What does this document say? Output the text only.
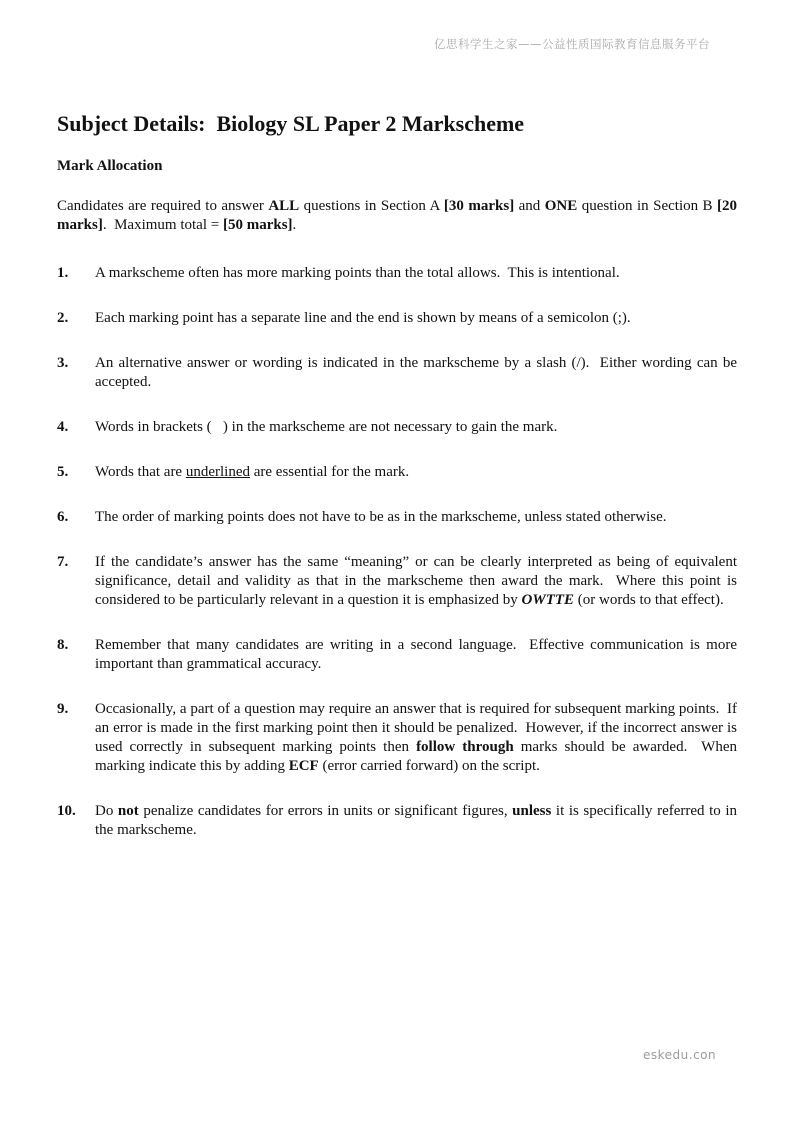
亿思科学生之家——公益性质国际教育信息服务平台
Subject Details:  Biology SL Paper 2 Markscheme
Mark Allocation

Candidates are required to answer ALL questions in Section A [30 marks] and ONE question in Section B [20 marks].  Maximum total = [50 marks].

1.	A markscheme often has more marking points than the total allows.  This is intentional.
2.	Each marking point has a separate line and the end is shown by means of a semicolon (;).
3.	An alternative answer or wording is indicated in the markscheme by a slash (/).  Either wording can be accepted.
4.	Words in brackets (   ) in the markscheme are not necessary to gain the mark.
5.	Words that are underlined are essential for the mark.
6.	The order of marking points does not have to be as in the markscheme, unless stated otherwise.
7.	If the candidate’s answer has the same “meaning” or can be clearly interpreted as being of equivalent significance, detail and validity as that in the markscheme then award the mark.  Where this point is considered to be particularly relevant in a question it is emphasized by OWTTE (or words to that effect).
8.	Remember that many candidates are writing in a second language.  Effective communication is more important than grammatical accuracy.
9.	Occasionally, a part of a question may require an answer that is required for subsequent marking points.  If an error is made in the first marking point then it should be penalized.  However, if the incorrect answer is used correctly in subsequent marking points then follow through marks should be awarded.  When marking indicate this by adding ECF (error carried forward) on the script.
10.	Do not penalize candidates for errors in units or significant figures, unless it is specifically referred to in the markscheme.
eskedu.con
